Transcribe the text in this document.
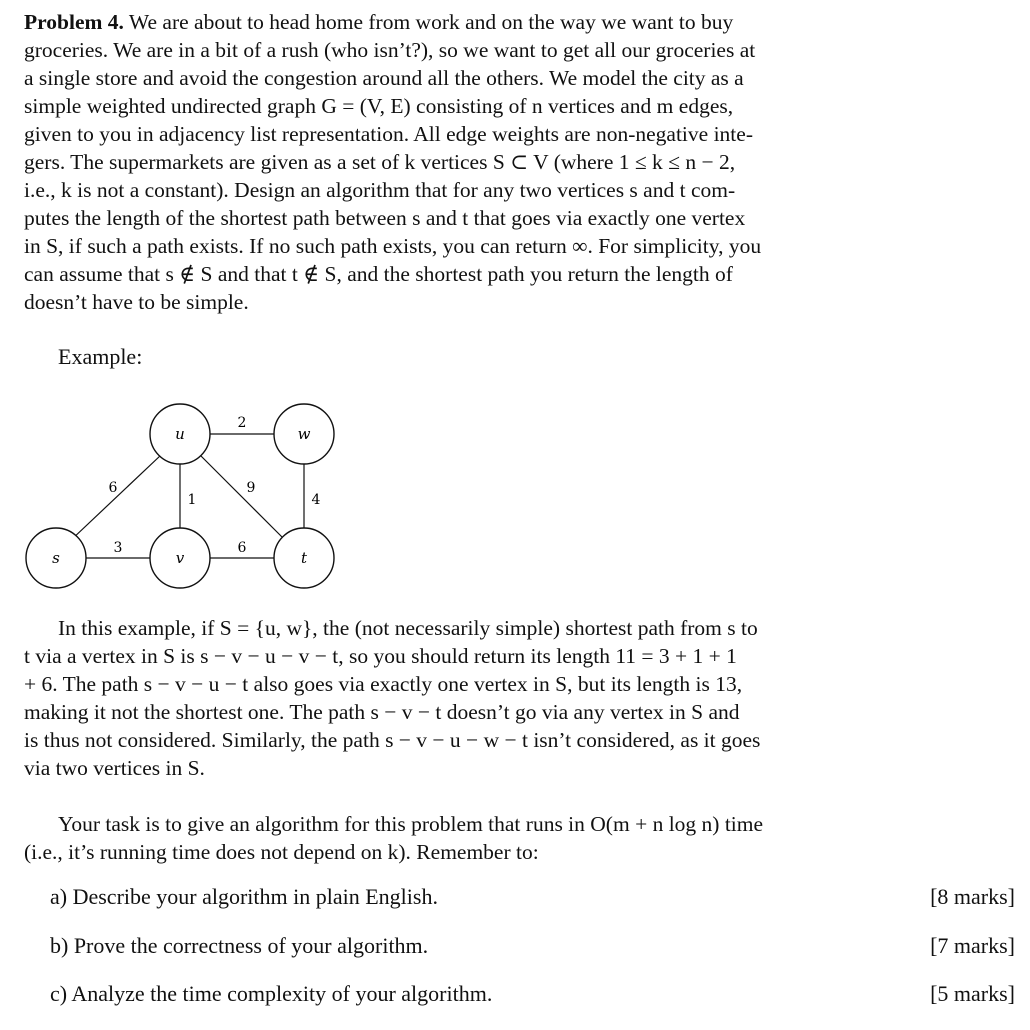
Problem 4. We are about to head home from work and on the way we want to buy

groceries. We are in a bit of a rush (who isn’t?), so we want to get all our groceries at

a single store and avoid the congestion around all the others. We model the city as a

simple weighted undirected graph G = (V, E) consisting of n vertices and m edges,

given to you in adjacency list representation. All edge weights are non-negative inte-

gers. The supermarkets are given as a set of k vertices S ⊂ V (where 1 ≤ k ≤ n − 2,

i.e., k is not a constant). Design an algorithm that for any two vertices s and t com-

putes the length of the shortest path between s and t that goes via exactly one vertex

in S, if such a path exists. If no such path exists, you can return ∞. For simplicity, you

can assume that s ∉ S and that t ∉ S, and the shortest path you return the length of

doesn’t have to be simple.

Example:
u	w
s	v	t
2
6
1
9
4
3	6

In this example, if S = {u, w}, the (not necessarily simple) shortest path from s to

t via a vertex in S is s − v − u − v − t, so you should return its length 11 = 3 + 1 + 1

+ 6. The path s − v − u − t also goes via exactly one vertex in S, but its length is 13,

making it not the shortest one. The path s − v − t doesn’t go via any vertex in S and

is thus not considered. Similarly, the path s − v − u − w − t isn’t considered, as it goes

via two vertices in S.

Your task is to give an algorithm for this problem that runs in O(m + n log n) time

(i.e., it’s running time does not depend on k). Remember to:

a) Describe your algorithm in plain English.	[8 marks]
b) Prove the correctness of your algorithm.	[7 marks]
c) Analyze the time complexity of your algorithm.	[5 marks]
